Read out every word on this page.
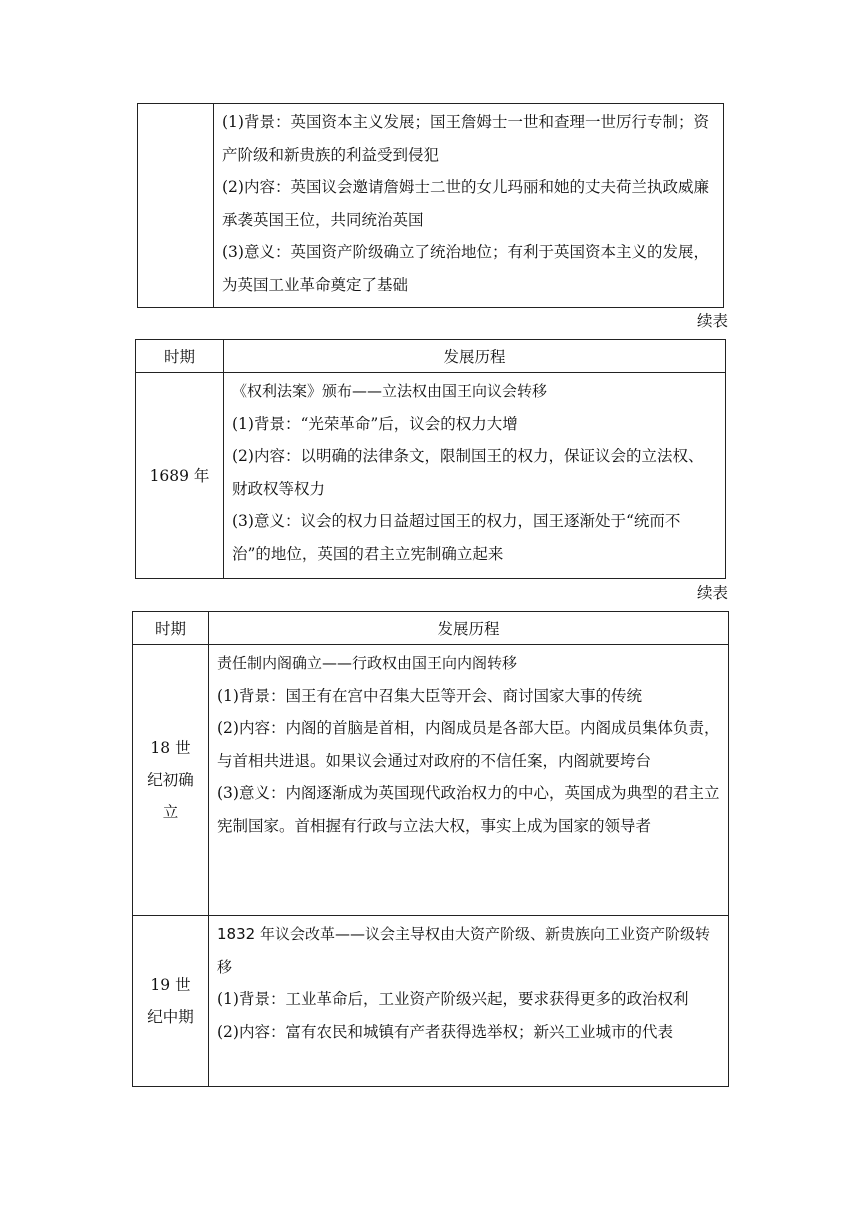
(1)背景：英国资本主义发展；国王詹姆士一世和查理一世厉行专制；资产阶级和新贵族的利益受到侵犯

(2)内容：英国议会邀请詹姆士二世的女儿玛丽和她的丈夫荷兰执政威廉承袭英国王位，共同统治英国

(3)意义：英国资产阶级确立了统治地位；有利于英国资本主义的发展，为英国工业革命奠定了基础

续表
时期	发展历程
1689 年	《权利法案》颁布——立法权由国王向议会转移

(1)背景：“光荣革命”后，议会的权力大增

(2)内容：以明确的法律条文，限制国王的权力，保证议会的立法权、财政权等权力

(3)意义：议会的权力日益超过国王的权力，国王逐渐处于“统而不治”的地位，英国的君主立宪制确立起来

续表
时期	发展历程
18 世纪初确立	责任制内阁确立——行政权由国王向内阁转移

(1)背景：国王有在宫中召集大臣等开会、商讨国家大事的传统

(2)内容：内阁的首脑是首相，内阁成员是各部大臣。内阁成员集体负责，与首相共进退。如果议会通过对政府的不信任案，内阁就要垮台

(3)意义：内阁逐渐成为英国现代政治权力的中心，英国成为典型的君主立宪制国家。首相握有行政与立法大权，事实上成为国家的领导者

19 世纪中期	1832 年议会改革——议会主导权由大资产阶级、新贵族向工业资产阶级转移

(1)背景：工业革命后，工业资产阶级兴起，要求获得更多的政治权利

(2)内容：富有农民和城镇有产者获得选举权；新兴工业城市的代表
